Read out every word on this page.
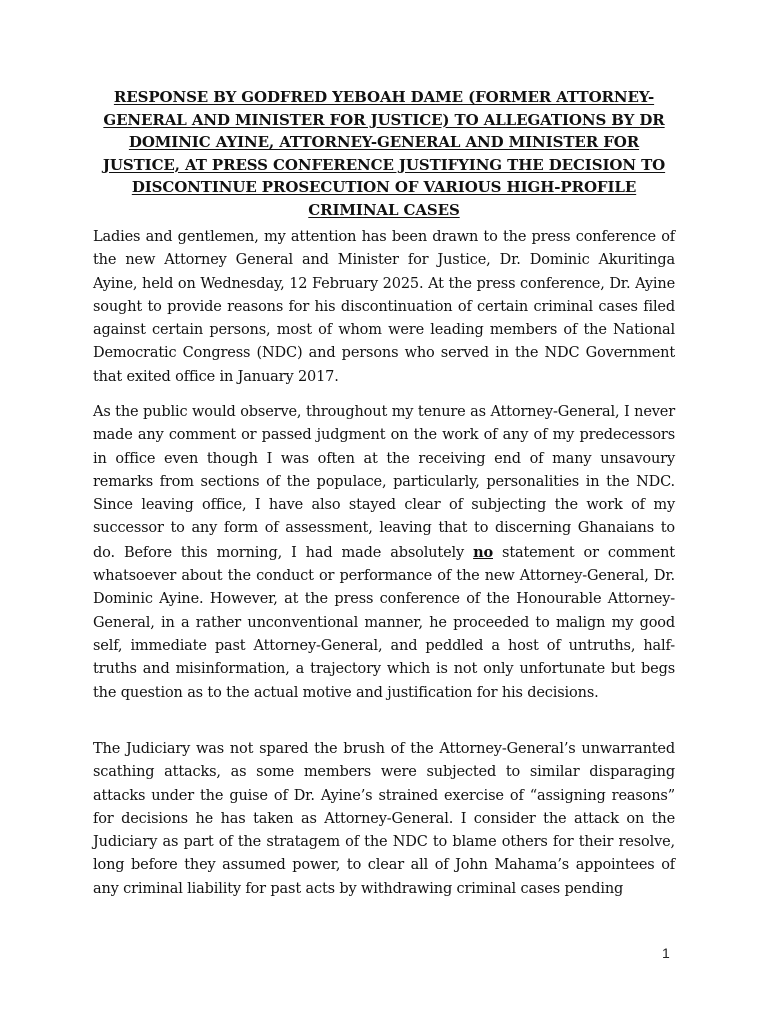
RESPONSE BY GODFRED YEBOAH DAME (FORMER ATTORNEY-GENERAL AND MINISTER FOR JUSTICE) TO ALLEGATIONS BY DR DOMINIC AYINE, ATTORNEY-GENERAL AND MINISTER FOR JUSTICE, AT PRESS CONFERENCE JUSTIFYING THE DECISION TO DISCONTINUE PROSECUTION OF VARIOUS HIGH-PROFILE CRIMINAL CASES

Ladies and gentlemen, my attention has been drawn to the press conference of the new Attorney General and Minister for Justice, Dr. Dominic Akuritinga Ayine, held on Wednesday, 12 February 2025. At the press conference, Dr. Ayine sought to provide reasons for his discontinuation of certain criminal cases filed against certain persons, most of whom were leading members of the National Democratic Congress (NDC) and persons who served in the NDC Government that exited office in January 2017.

As the public would observe, throughout my tenure as Attorney-General, I never made any comment or passed judgment on the work of any of my predecessors in office even though I was often at the receiving end of many unsavoury remarks from sections of the populace, particularly, personalities in the NDC. Since leaving office, I have also stayed clear of subjecting the work of my successor to any form of assessment, leaving that to discerning Ghanaians to do. Before this morning, I had made absolutely no statement or comment whatsoever about the conduct or performance of the new Attorney-General, Dr. Dominic Ayine. However, at the press conference of the Honourable Attorney-General, in a rather unconventional manner, he proceeded to malign my good self, immediate past Attorney-General, and peddled a host of untruths, half-truths and misinformation, a trajectory which is not only unfortunate but begs the question as to the actual motive and justification for his decisions.

The Judiciary was not spared the brush of the Attorney-General’s unwarranted scathing attacks, as some members were subjected to similar disparaging attacks under the guise of Dr. Ayine’s strained exercise of “assigning reasons” for decisions he has taken as Attorney-General. I consider the attack on the Judiciary as part of the stratagem of the NDC to blame others for their resolve, long before they assumed power, to clear all of John Mahama’s appointees of any criminal liability for past acts by withdrawing criminal cases pending

1
